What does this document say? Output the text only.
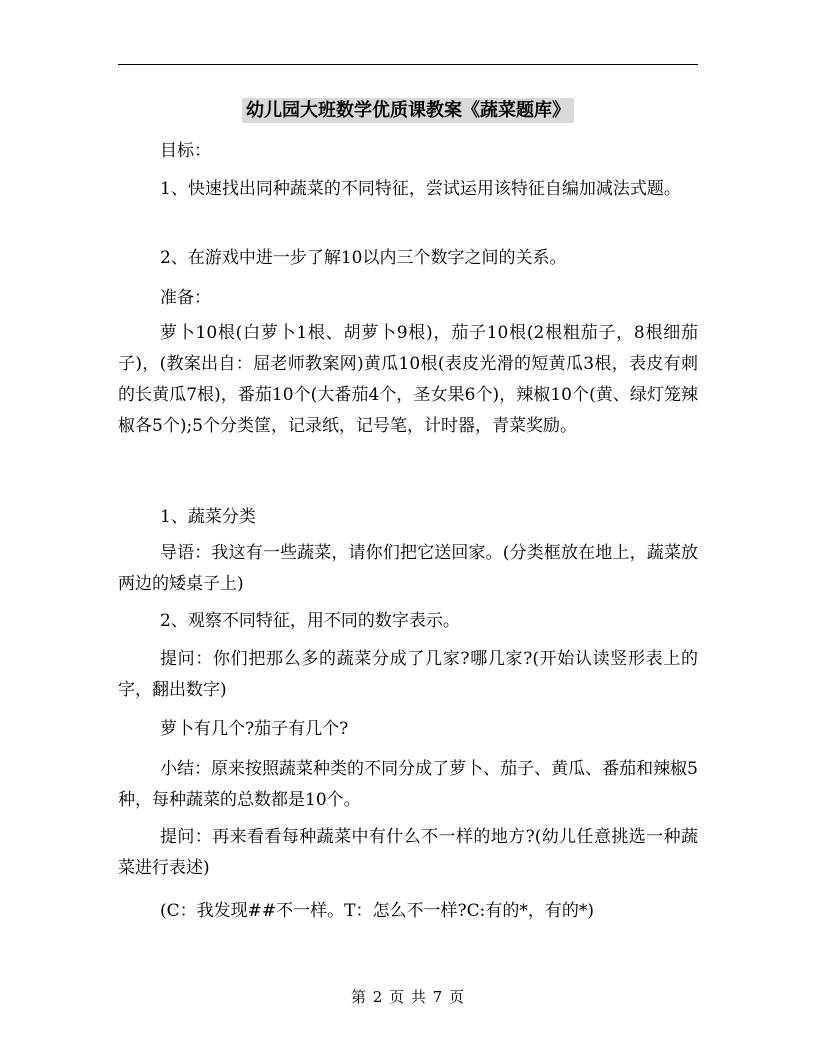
幼儿园大班数学优质课教案《蔬菜题库》

目标：

1、快速找出同种蔬菜的不同特征，尝试运用该特征自编加减法式题。

2、在游戏中进一步了解10以内三个数字之间的关系。

准备：

萝卜10根(白萝卜1根、胡萝卜9根)，茄子10根(2根粗茄子，8根细茄子)，(教案出自：屈老师教案网)黄瓜10根(表皮光滑的短黄瓜3根，表皮有刺的长黄瓜7根)，番茄10个(大番茄4个，圣女果6个)，辣椒10个(黄、绿灯笼辣椒各5个);5个分类筐，记录纸，记号笔，计时器，青菜奖励。

1、蔬菜分类

导语：我这有一些蔬菜，请你们把它送回家。(分类框放在地上，蔬菜放两边的矮桌子上)

2、观察不同特征，用不同的数字表示。

提问：你们把那么多的蔬菜分成了几家?哪几家?(开始认读竖形表上的字，翻出数字)

萝卜有几个?茄子有几个?

小结：原来按照蔬菜种类的不同分成了萝卜、茄子、黄瓜、番茄和辣椒5种，每种蔬菜的总数都是10个。

提问：再来看看每种蔬菜中有什么不一样的地方?(幼儿任意挑选一种蔬菜进行表述)

(C：我发现##不一样。T：怎么不一样?C:有的*，有的*)

第 2 页 共 7 页
